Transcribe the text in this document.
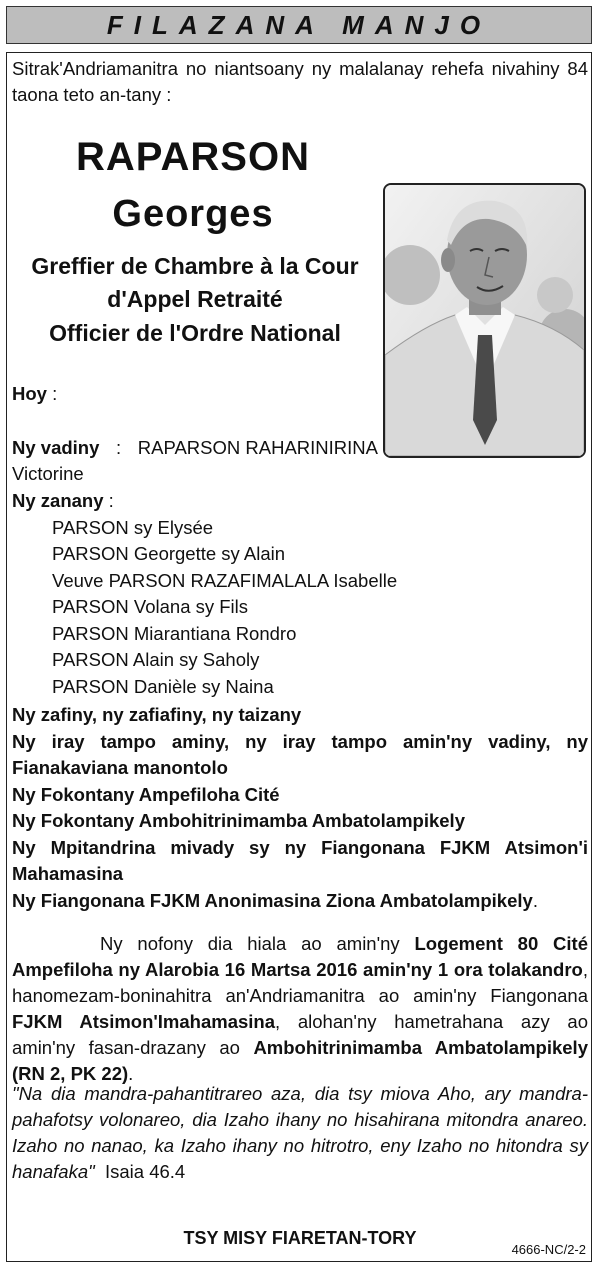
FILAZANA MANJO
Sitrak'Andriamanitra no niantsoany ny malalanay rehefa nivahiny 84 taona teto an-tany :
RAPARSON
Georges
Greffier de Chambre à la Cour
d'Appel Retraité
Officier de l'Ordre National
Hoy :
Ny vadiny : RAPARSON RAHARINIRINA
Victorine
Ny zanany :
PARSON sy Elysée
PARSON Georgette sy Alain
Veuve PARSON RAZAFIMALALA Isabelle
PARSON Volana sy Fils
PARSON Miarantiana Rondro
PARSON Alain sy Saholy
PARSON Danièle sy Naina
Ny zafiny, ny zafiafiny, ny taizany
Ny iray tampo aminy, ny iray tampo amin'ny vadiny, ny Fianakaviana manontolo
Ny Fokontany Ampefiloha Cité
Ny Fokontany Ambohitrinimamba Ambatolampikely
Ny Mpitandrina mivady sy ny Fiangonana FJKM Atsimon'i Mahamasina
Ny Fiangonana FJKM Anonimasina Ziona Ambatolampikely.
Ny nofony dia hiala ao amin'ny Logement 80 Cité Ampefiloha ny Alarobia 16 Martsa 2016 amin'ny 1 ora tolakandro, hanomezam-boninahitra an'Andriamanitra ao amin'ny Fiangonana FJKM Atsimon'Imahamasina, alohan'ny hametrahana azy ao amin'ny fasan-drazany ao Ambohitrinimamba Ambatolampikely (RN 2, PK 22).
"Na dia mandra-pahantitrareo aza, dia tsy miova Aho, ary mandra-pahafotsy volonareo, dia Izaho ihany no hisahirana mitondra anareo. Izaho no nanao, ka Izaho ihany no hitrotro, eny Izaho no hitondra sy hanafaka" Isaia 46.4
TSY MISY FIARETAN-TORY
4666-NC/2-2
